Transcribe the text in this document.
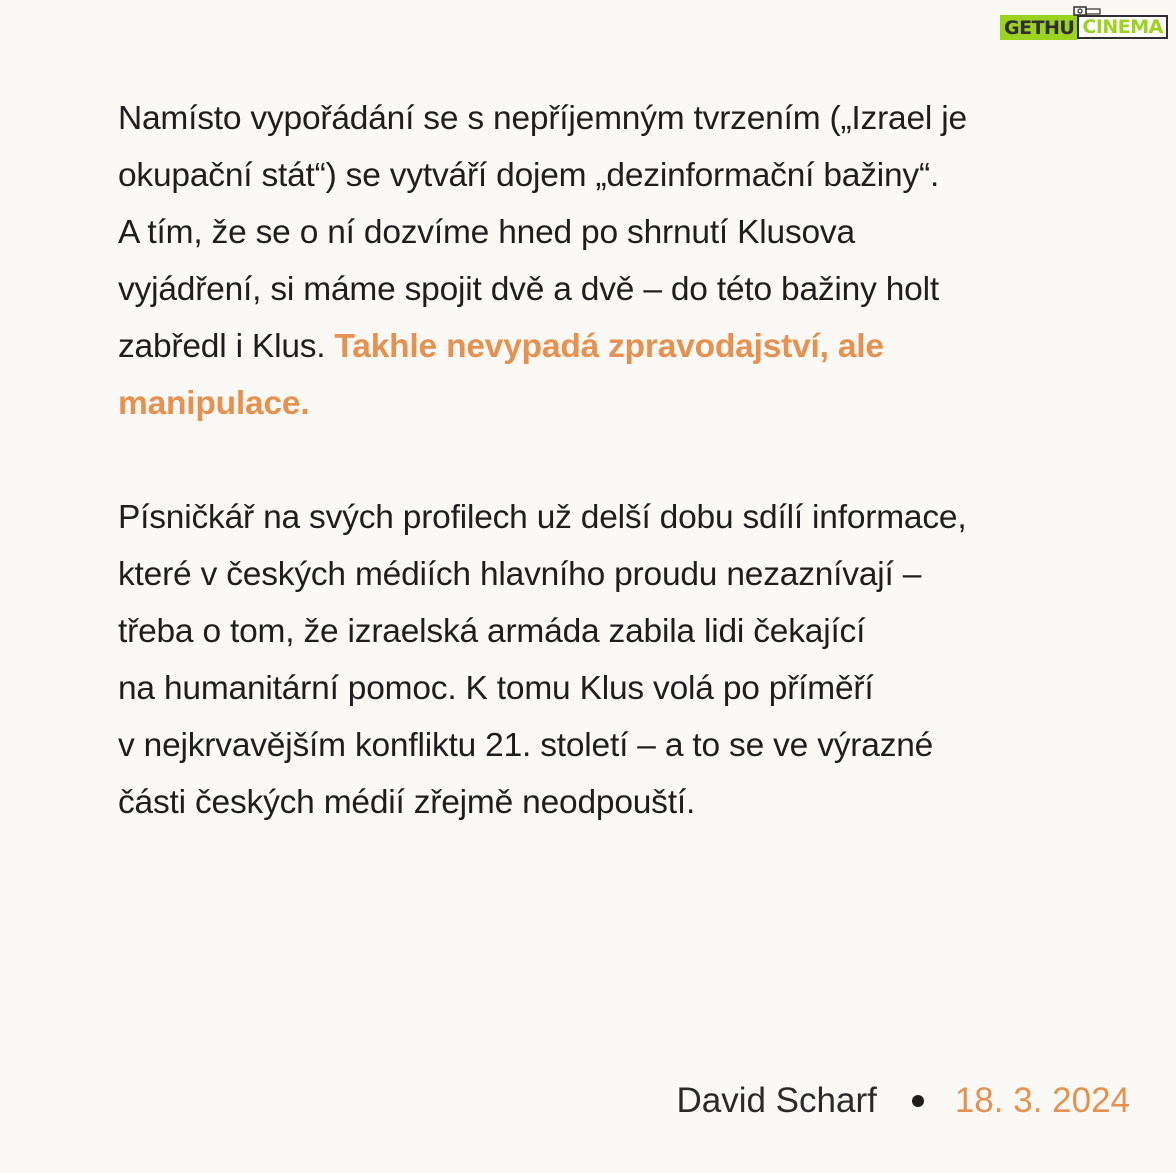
GETHU CINEMA

Namísto vypořádání se s nepříjemným tvrzením („Izrael je
okupační stát“) se vytváří dojem „dezinformační bažiny“.
A tím, že se o ní dozvíme hned po shrnutí Klusova
vyjádření, si máme spojit dvě a dvě – do této bažiny holt
zabředl i Klus. Takhle nevypadá zpravodajství, ale
manipulace.

Písničkář na svých profilech už delší dobu sdílí informace,
které v českých médiích hlavního proudu nezaznívají –
třeba o tom, že izraelská armáda zabila lidi čekající
na humanitární pomoc. K tomu Klus volá po příměří
v nejkrvavějším konfliktu 21. století – a to se ve výrazné
části českých médií zřejmě neodpouští.

David Scharf 18. 3. 2024
